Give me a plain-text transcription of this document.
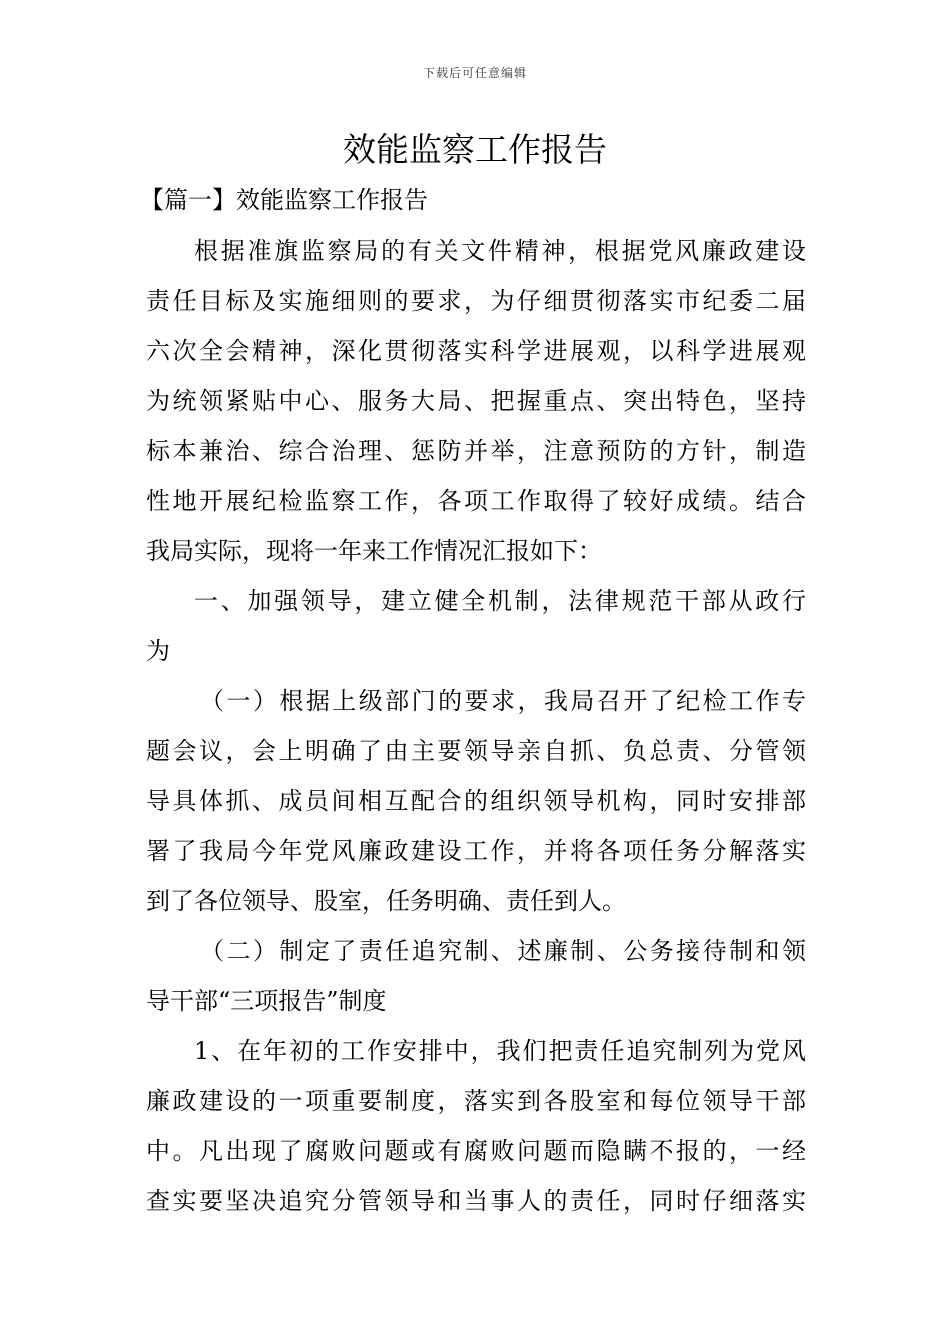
下载后可任意编辑
效能监察工作报告
【篇一】效能监察工作报告

根据准旗监察局的有关文件精神，根据党风廉政建设
责任目标及实施细则的要求，为仔细贯彻落实市纪委二届
六次全会精神，深化贯彻落实科学进展观，以科学进展观
为统领紧贴中心、服务大局、把握重点、突出特色，坚持
标本兼治、综合治理、惩防并举，注意预防的方针，制造
性地开展纪检监察工作，各项工作取得了较好成绩。结合
我局实际，现将一年来工作情况汇报如下：

一、加强领导，建立健全机制，法律规范干部从政行
为

（一）根据上级部门的要求，我局召开了纪检工作专
题会议，会上明确了由主要领导亲自抓、负总责、分管领
导具体抓、成员间相互配合的组织领导机构，同时安排部
署了我局今年党风廉政建设工作，并将各项任务分解落实
到了各位领导、股室，任务明确、责任到人。

（二）制定了责任追究制、述廉制、公务接待制和领
导干部“三项报告”制度

1、在年初的工作安排中，我们把责任追究制列为党风
廉政建设的一项重要制度，落实到各股室和每位领导干部
中。凡出现了腐败问题或有腐败问题而隐瞒不报的，一经
查实要坚决追究分管领导和当事人的责任，同时仔细落实
